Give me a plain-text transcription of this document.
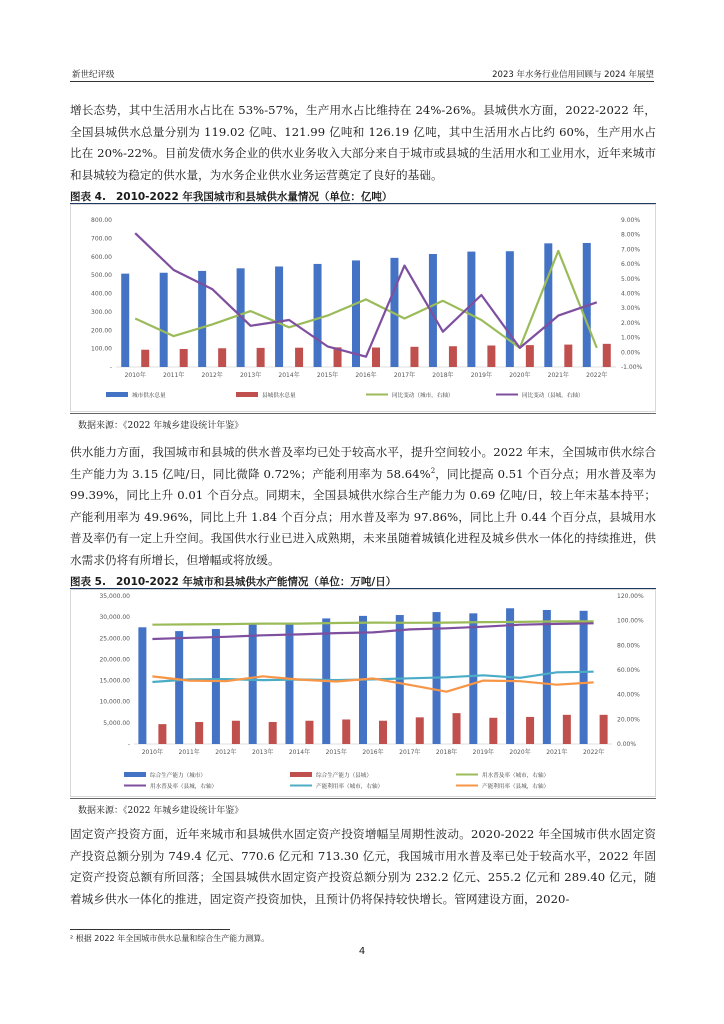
新世纪评级	2023 年水务行业信用回顾与 2024 年展望

增长态势，其中生活用水占比在 53%-57%，生产用水占比维持在 24%-26%。县城供水方面，2022-2022 年，全国县城供水总量分别为 119.02 亿吨、121.99 亿吨和 126.19 亿吨，其中生活用水占比约 60%，生产用水占比在 20%-22%。目前发债水务企业的供水业务收入大部分来自于城市或县城的生活用水和工业用水，近年来城市和县城较为稳定的供水量，为水务企业供水业务运营奠定了良好的基础。

图表 4. 2010-2022 年我国城市和县城供水量情况（单位：亿吨）
-
100.00
200.00
300.00
400.00
500.00
600.00
700.00
800.00
-1.00%
0.00%
1.00%
2.00%
3.00%
4.00%
5.00%
6.00%
7.00%
8.00%
9.00%
2010年	2011年	2012年	2013年	2014年	2015年	2016年	2017年	2018年	2019年	2020年	2021年	2022年
城市供水总量	县城供水总量	同比变动（城市，右轴）	同比变动（县城，右轴）
数据来源：《2022 年城乡建设统计年鉴》

供水能力方面，我国城市和县城的供水普及率均已处于较高水平，提升空间较小。2022 年末，全国城市供水综合生产能力为 3.15 亿吨/日，同比微降 0.72%；产能利用率为 58.64%$^2$，同比提高 0.51 个百分点；用水普及率为 99.39%，同比上升 0.01 个百分点。同期末，全国县城供水综合生产能力为 0.69 亿吨/日，较上年末基本持平；产能利用率为 49.96%，同比上升 1.84 个百分点；用水普及率为 97.86%，同比上升 0.44 个百分点，县城用水普及率仍有一定上升空间。我国供水行业已进入成熟期，未来虽随着城镇化进程及城乡供水一体化的持续推进，供水需求仍将有所增长，但增幅或将放缓。

图表 5. 2010-2022 年城市和县城供水产能情况（单位：万吨/日）
-
5,000.00
10,000.00
15,000.00
20,000.00
25,000.00
30,000.00
35,000.00
0.00%
20.00%
40.00%
60.00%
80.00%
100.00%
120.00%
2010年	2011年	2012年	2013年	2014年	2015年	2016年	2017年	2018年	2019年	2020年	2021年	2022年
综合生产能力（城市）	综合生产能力（县城）	用水普及率（城市，右轴）
用水普及率（县城，右轴）	产能利用率（城市，右轴）	产能利用率（县城，右轴）
数据来源：《2022 年城乡建设统计年鉴》

固定资产投资方面，近年来城市和县城供水固定资产投资增幅呈周期性波动。2020-2022 年全国城市供水固定资产投资总额分别为 749.4 亿元、770.6 亿元和 713.30 亿元，我国城市用水普及率已处于较高水平，2022 年固定资产投资总额有所回落；全国县城供水固定资产投资总额分别为 232.2 亿元、255.2 亿元和 289.40 亿元，随着城乡供水一体化的推进，固定资产投资加快，且预计仍将保持较快增长。管网建设方面，2020-

² 根据 2022 年全国城市供水总量和综合生产能力测算。
4
